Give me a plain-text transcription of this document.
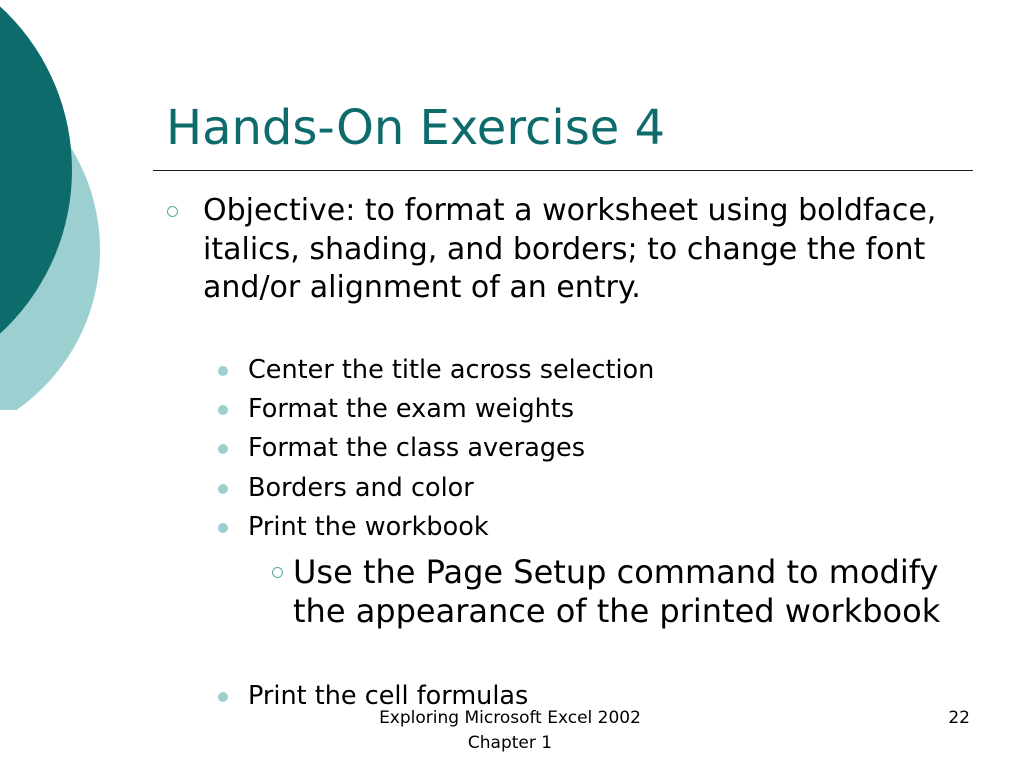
Hands-On Exercise 4
Objective: to format a worksheet using boldface, italics, shading, and borders; to change the font and/or alignment of an entry.
Center the title across selection
Format the exam weights
Format the class averages
Borders and color
Print the workbook
Use the Page Setup command to modify the appearance of the printed workbook
Print the cell formulas
Exploring Microsoft Excel 2002
Chapter 1
22
